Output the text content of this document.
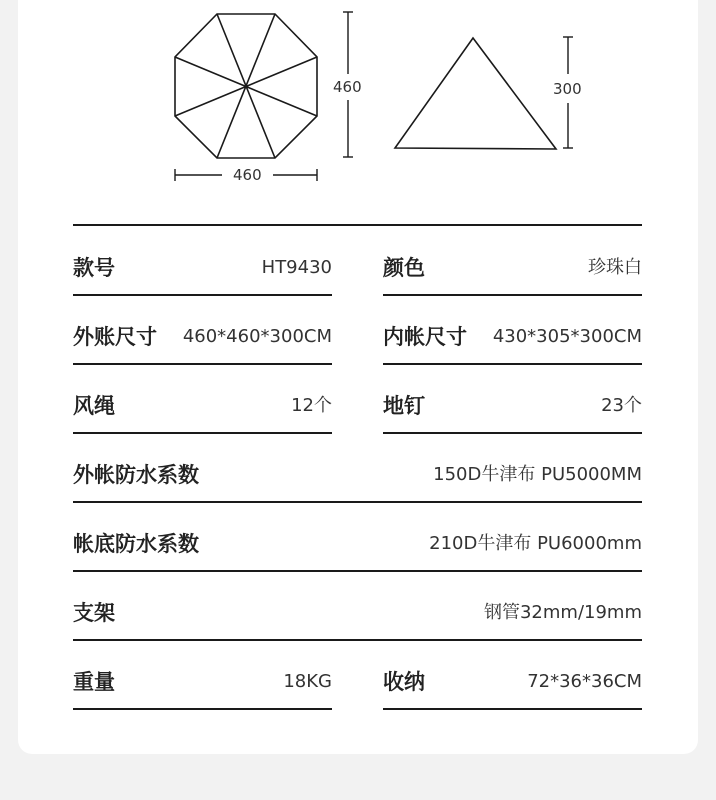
460
460
300
款号	HT9430 颜色	珍珠白
外账尺寸 460*460*300CM 内帐尺寸 430*305*300CM
风绳	12个 地钉	23个
外帐防水系数	150D牛津布 PU5000MM
帐底防水系数	210D牛津布 PU6000mm
支架	钢管32mm/19mm
重量	18KG 收纳	72*36*36CM
